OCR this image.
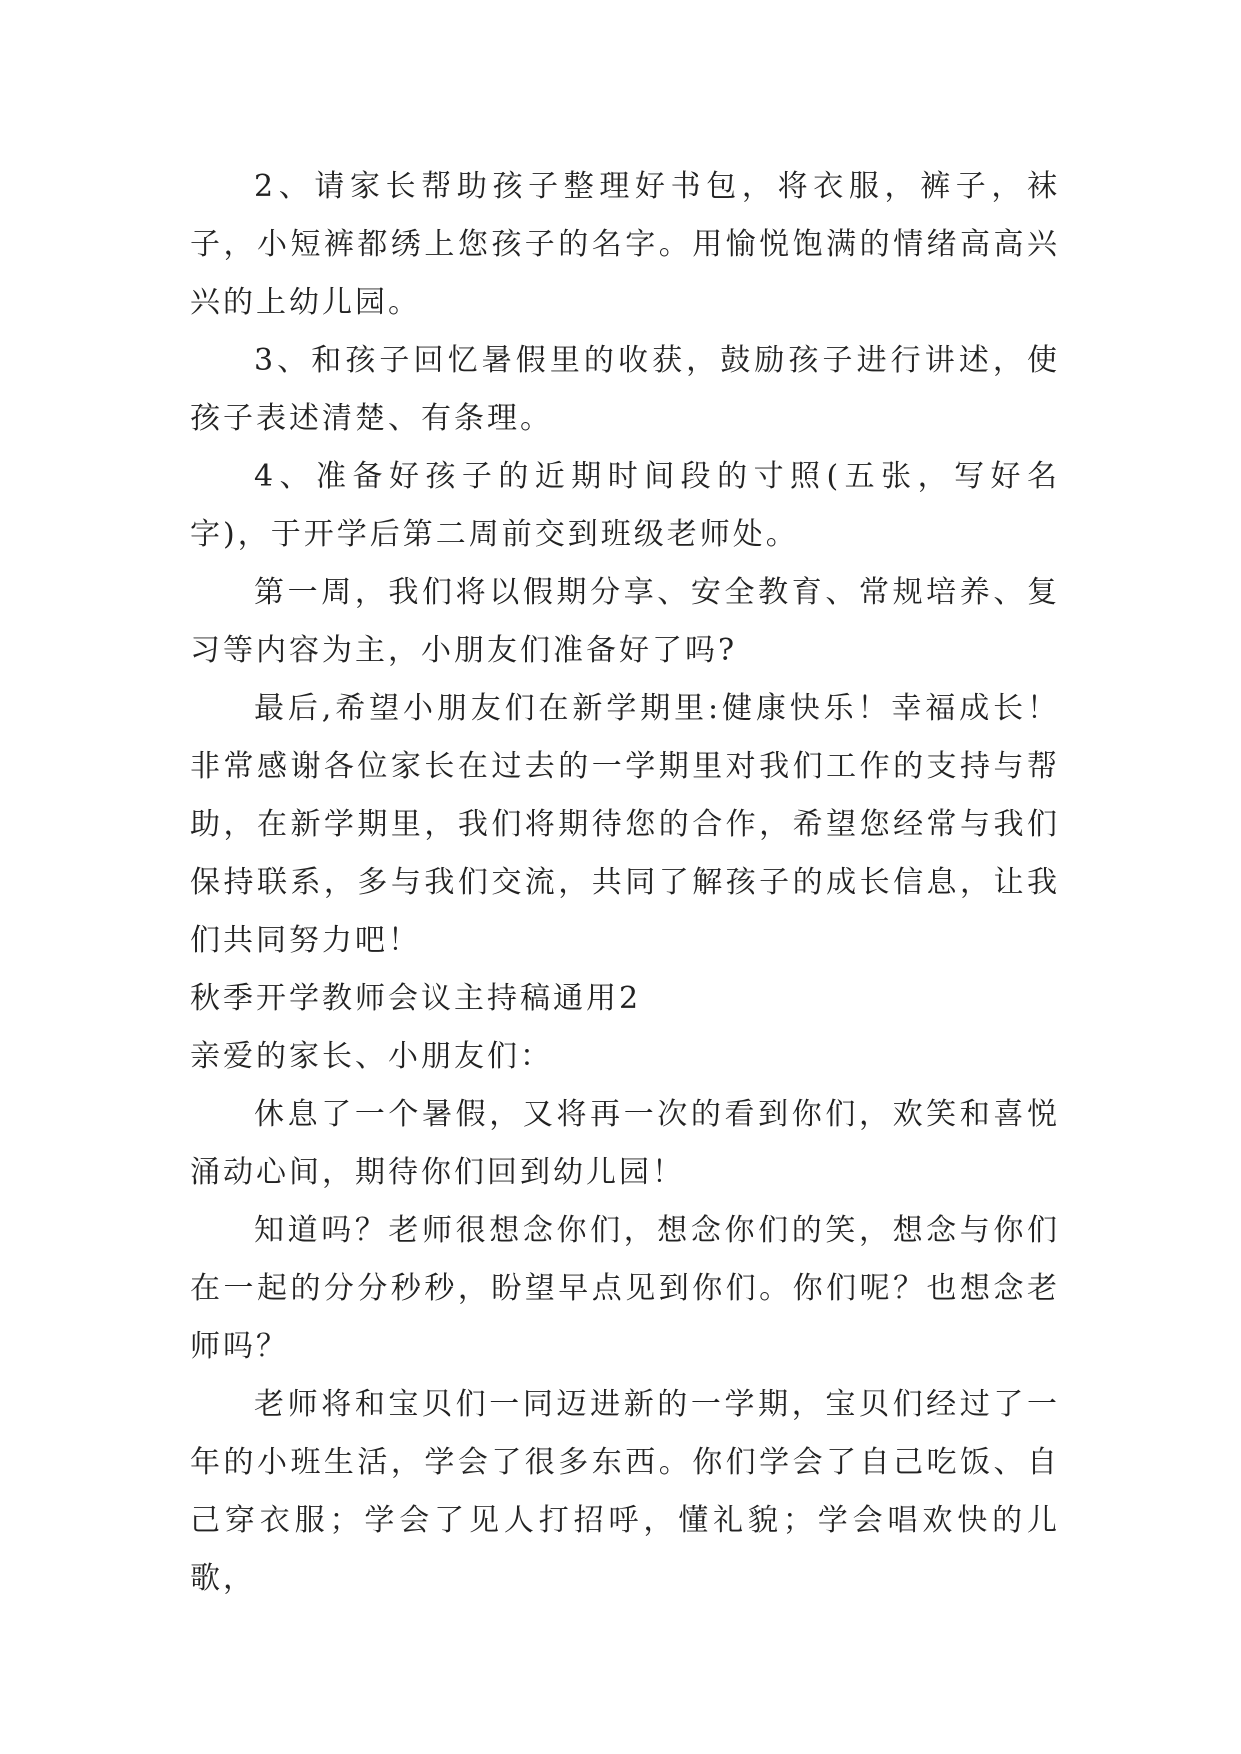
2、请家长帮助孩子整理好书包，将衣服，裤子，袜子，小短裤都绣上您孩子的名字。用愉悦饱满的情绪高高兴兴的上幼儿园。

3、和孩子回忆暑假里的收获，鼓励孩子进行讲述，使孩子表述清楚、有条理。

4、准备好孩子的近期时间段的寸照(五张，写好名字)，于开学后第二周前交到班级老师处。

第一周，我们将以假期分享、安全教育、常规培养、复习等内容为主，小朋友们准备好了吗?

最后,希望小朋友们在新学期里:健康快乐！幸福成长！非常感谢各位家长在过去的一学期里对我们工作的支持与帮助，在新学期里，我们将期待您的合作，希望您经常与我们保持联系，多与我们交流，共同了解孩子的成长信息，让我们共同努力吧！

秋季开学教师会议主持稿通用2

亲爱的家长、小朋友们：

休息了一个暑假，又将再一次的看到你们，欢笑和喜悦涌动心间，期待你们回到幼儿园！

知道吗？老师很想念你们，想念你们的笑，想念与你们在一起的分分秒秒，盼望早点见到你们。你们呢？也想念老师吗？

老师将和宝贝们一同迈进新的一学期，宝贝们经过了一年的小班生活，学会了很多东西。你们学会了自己吃饭、自己穿衣服；学会了见人打招呼，懂礼貌；学会唱欢快的儿歌，
